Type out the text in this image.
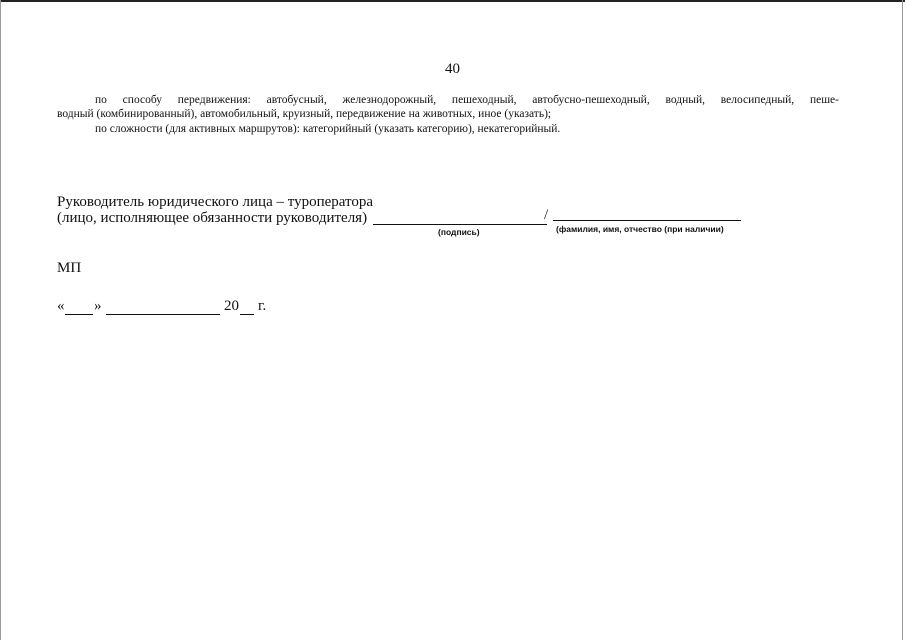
40
по способу передвижения: автобусный, железнодорожный, пешеходный, автобусно-пешеходный, водный, велосипедный, пеше-
водный (комбинированный), автомобильный, круизный, передвижение на животных, иное (указать);
по сложности (для активных маршрутов): категорийный (указать категорию), некатегорийный.
Руководитель юридического лица – туроператора
(лицо, исполняющее обязанности руководителя)	/
(подпись)	(фамилия, имя, отчество (при наличии)
МП
« »	20 г.
